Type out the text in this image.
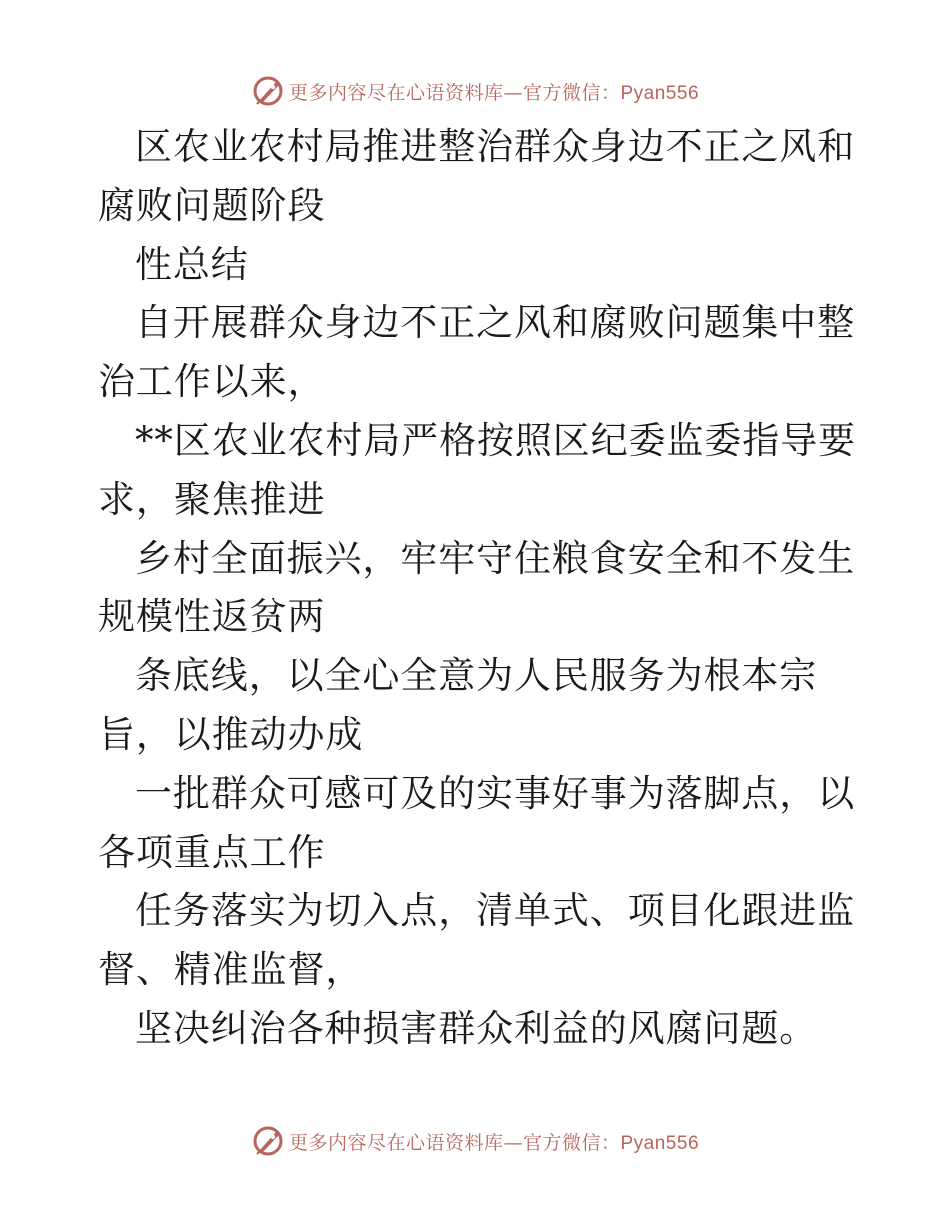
更多内容尽在心语资料库—官方微信：Pyan556

区农业农村局推进整治群众身边不正之风和腐败问题阶段

性总结

自开展群众身边不正之风和腐败问题集中整治工作以来，

**区农业农村局严格按照区纪委监委指导要求，聚焦推进

乡村全面振兴，牢牢守住粮食安全和不发生规模性返贫两

条底线，以全心全意为人民服务为根本宗旨，以推动办成

一批群众可感可及的实事好事为落脚点，以各项重点工作

任务落实为切入点，清单式、项目化跟进监督、精准监督，

坚决纠治各种损害群众利益的风腐问题。

更多内容尽在心语资料库—官方微信：Pyan556
